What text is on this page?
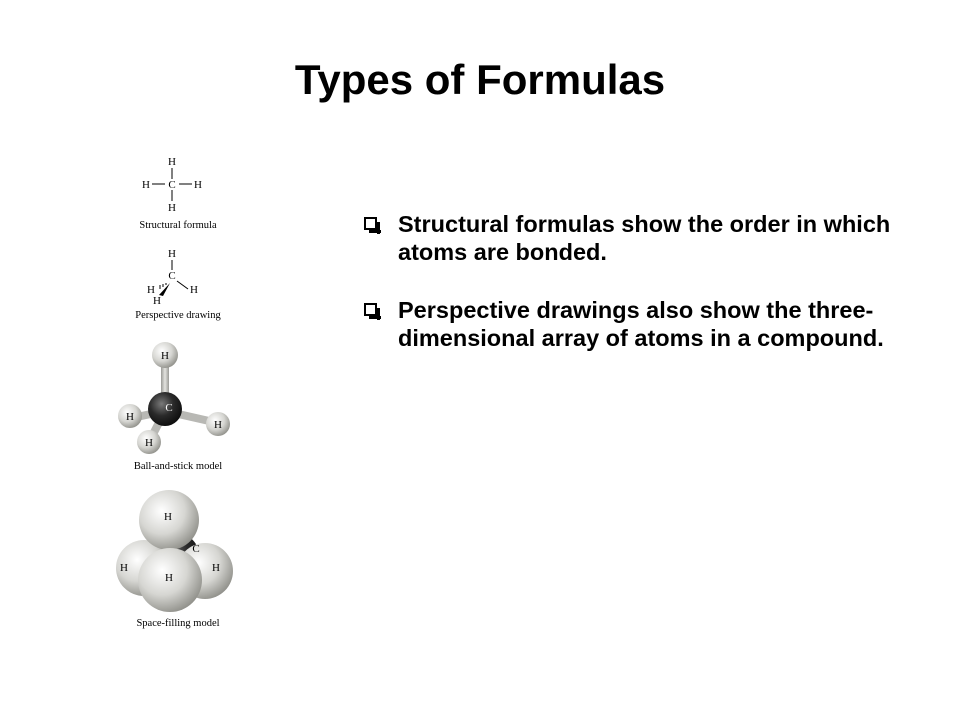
Types of Formulas
H
H C H
H
H
C
H
H
H
H
H
H
H
C
H
C
H	H
H
Structural formula
Perspective drawing
Ball-and-stick model
Space-filling model
Structural formulas show the order in which atoms are bonded.
Perspective drawings also show the three-dimensional array of atoms in a compound.
